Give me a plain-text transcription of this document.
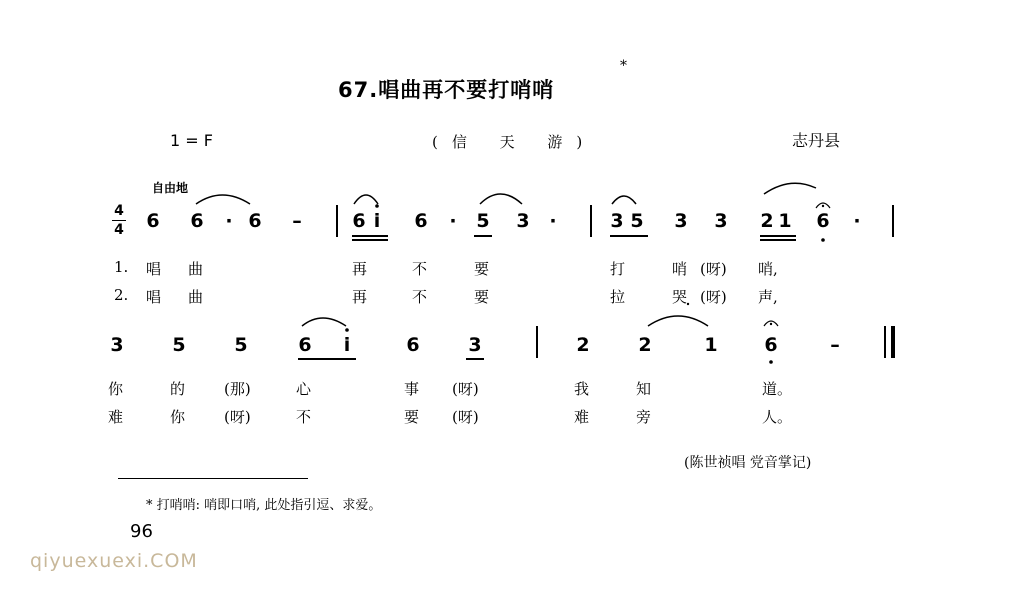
67.唱曲再不要打哨哨
*
1 = F	(信 天 游)	志丹县
自由地
4
4 6 6 · 6 –	6 i	6 · 5 3 ·	3 5 3 3 2 1 6 ·
1. 唱 曲	再	不	要	打	哨 (呀) 哨,
2. 唱 曲	再	不	要	拉	哭 (呀) 声,
3	5	5	6	i	6	3	2	2	1 6	–
你	的	(那)	心	事 (呀)	我	知	道。
难	你	(呀)	不	要 (呀)	难	旁	人。
(陈世祯唱 党音掌记)
* 打哨哨: 哨即口哨, 此处指引逗、求爱。
96
qiyuexuexi.COM
